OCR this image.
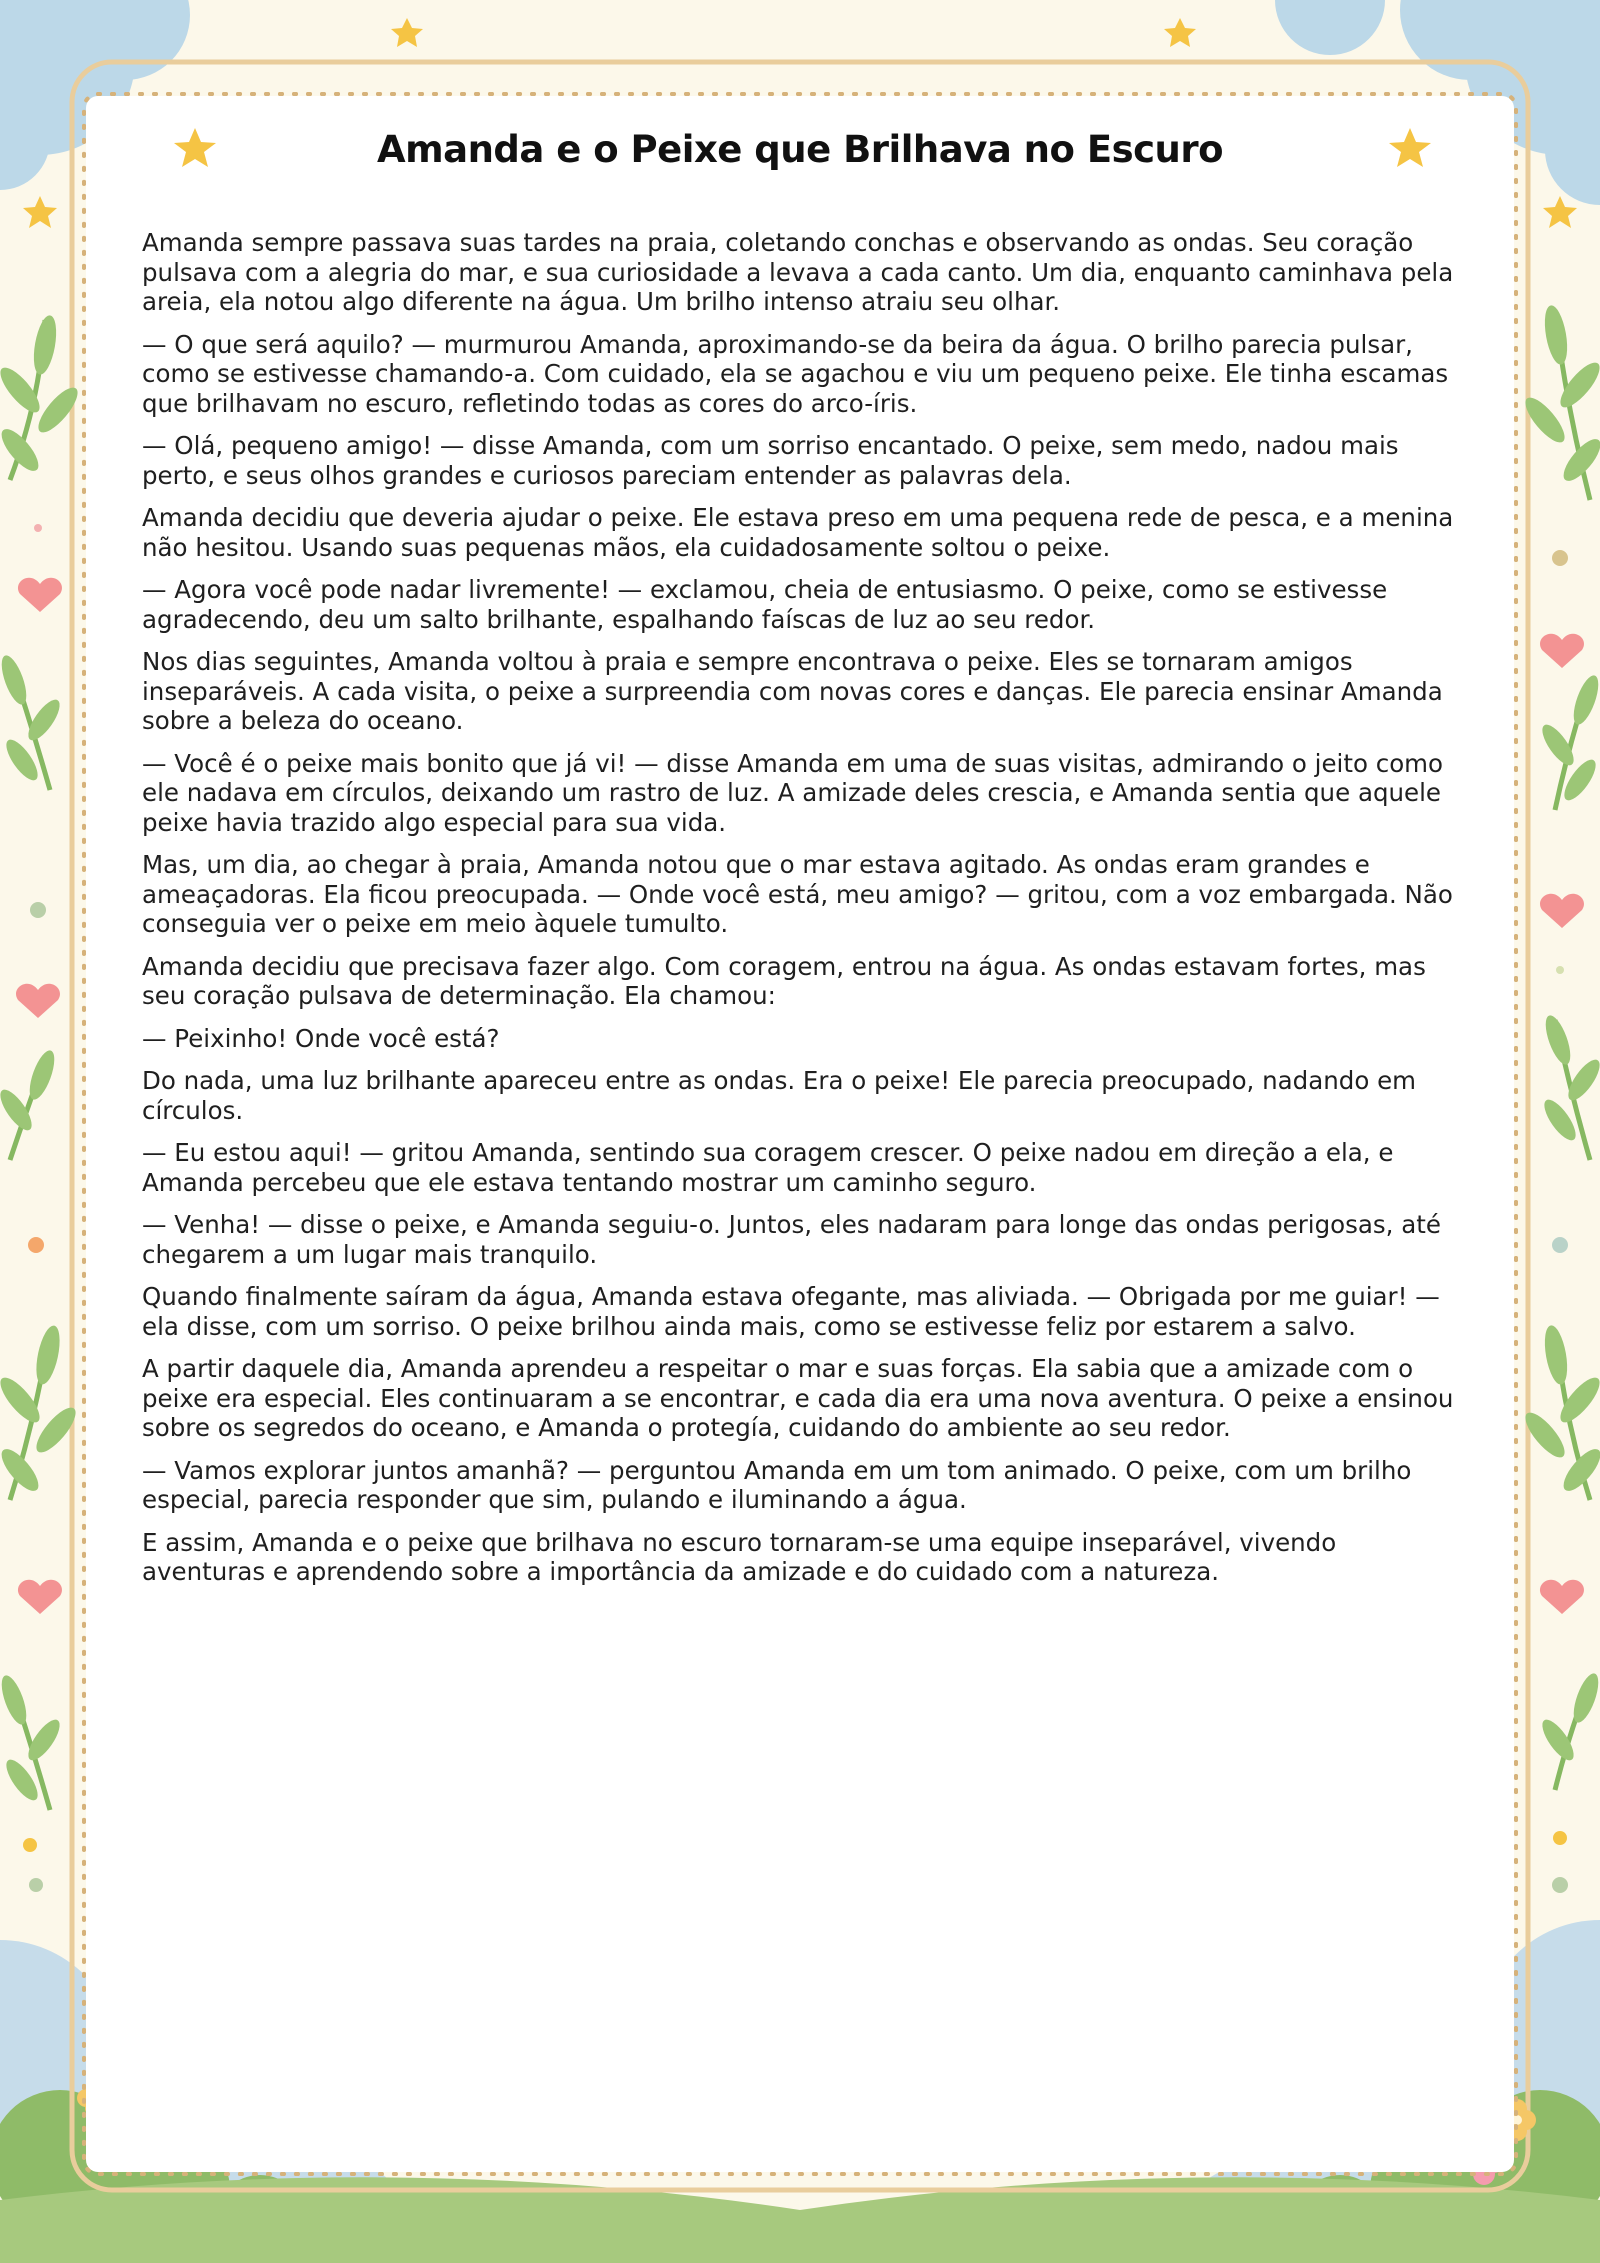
Amanda e o Peixe que Brilhava no Escuro

Amanda sempre passava suas tardes na praia, coletando conchas e observando as ondas. Seu coração pulsava com a alegria do mar, e sua curiosidade a levava a cada canto. Um dia, enquanto caminhava pela areia, ela notou algo diferente na água. Um brilho intenso atraiu seu olhar.

— O que será aquilo? — murmurou Amanda, aproximando-se da beira da água. O brilho parecia pulsar, como se estivesse chamando-a. Com cuidado, ela se agachou e viu um pequeno peixe. Ele tinha escamas que brilhavam no escuro, refletindo todas as cores do arco-íris.

— Olá, pequeno amigo! — disse Amanda, com um sorriso encantado. O peixe, sem medo, nadou mais perto, e seus olhos grandes e curiosos pareciam entender as palavras dela.

Amanda decidiu que deveria ajudar o peixe. Ele estava preso em uma pequena rede de pesca, e a menina não hesitou. Usando suas pequenas mãos, ela cuidadosamente soltou o peixe.

— Agora você pode nadar livremente! — exclamou, cheia de entusiasmo. O peixe, como se estivesse agradecendo, deu um salto brilhante, espalhando faíscas de luz ao seu redor.

Nos dias seguintes, Amanda voltou à praia e sempre encontrava o peixe. Eles se tornaram amigos inseparáveis. A cada visita, o peixe a surpreendia com novas cores e danças. Ele parecia ensinar Amanda sobre a beleza do oceano.

— Você é o peixe mais bonito que já vi! — disse Amanda em uma de suas visitas, admirando o jeito como ele nadava em círculos, deixando um rastro de luz. A amizade deles crescia, e Amanda sentia que aquele peixe havia trazido algo especial para sua vida.

Mas, um dia, ao chegar à praia, Amanda notou que o mar estava agitado. As ondas eram grandes e ameaçadoras. Ela ficou preocupada. — Onde você está, meu amigo? — gritou, com a voz embargada. Não conseguia ver o peixe em meio àquele tumulto.

Amanda decidiu que precisava fazer algo. Com coragem, entrou na água. As ondas estavam fortes, mas seu coração pulsava de determinação. Ela chamou:

— Peixinho! Onde você está?

Do nada, uma luz brilhante apareceu entre as ondas. Era o peixe! Ele parecia preocupado, nadando em círculos.

— Eu estou aqui! — gritou Amanda, sentindo sua coragem crescer. O peixe nadou em direção a ela, e Amanda percebeu que ele estava tentando mostrar um caminho seguro.

— Venha! — disse o peixe, e Amanda seguiu-o. Juntos, eles nadaram para longe das ondas perigosas, até chegarem a um lugar mais tranquilo.

Quando finalmente saíram da água, Amanda estava ofegante, mas aliviada. — Obrigada por me guiar! — ela disse, com um sorriso. O peixe brilhou ainda mais, como se estivesse feliz por estarem a salvo.

A partir daquele dia, Amanda aprendeu a respeitar o mar e suas forças. Ela sabia que a amizade com o peixe era especial. Eles continuaram a se encontrar, e cada dia era uma nova aventura. O peixe a ensinou sobre os segredos do oceano, e Amanda o protegía, cuidando do ambiente ao seu redor.

— Vamos explorar juntos amanhã? — perguntou Amanda em um tom animado. O peixe, com um brilho especial, parecia responder que sim, pulando e iluminando a água.

E assim, Amanda e o peixe que brilhava no escuro tornaram-se uma equipe inseparável, vivendo aventuras e aprendendo sobre a importância da amizade e do cuidado com a natureza.
